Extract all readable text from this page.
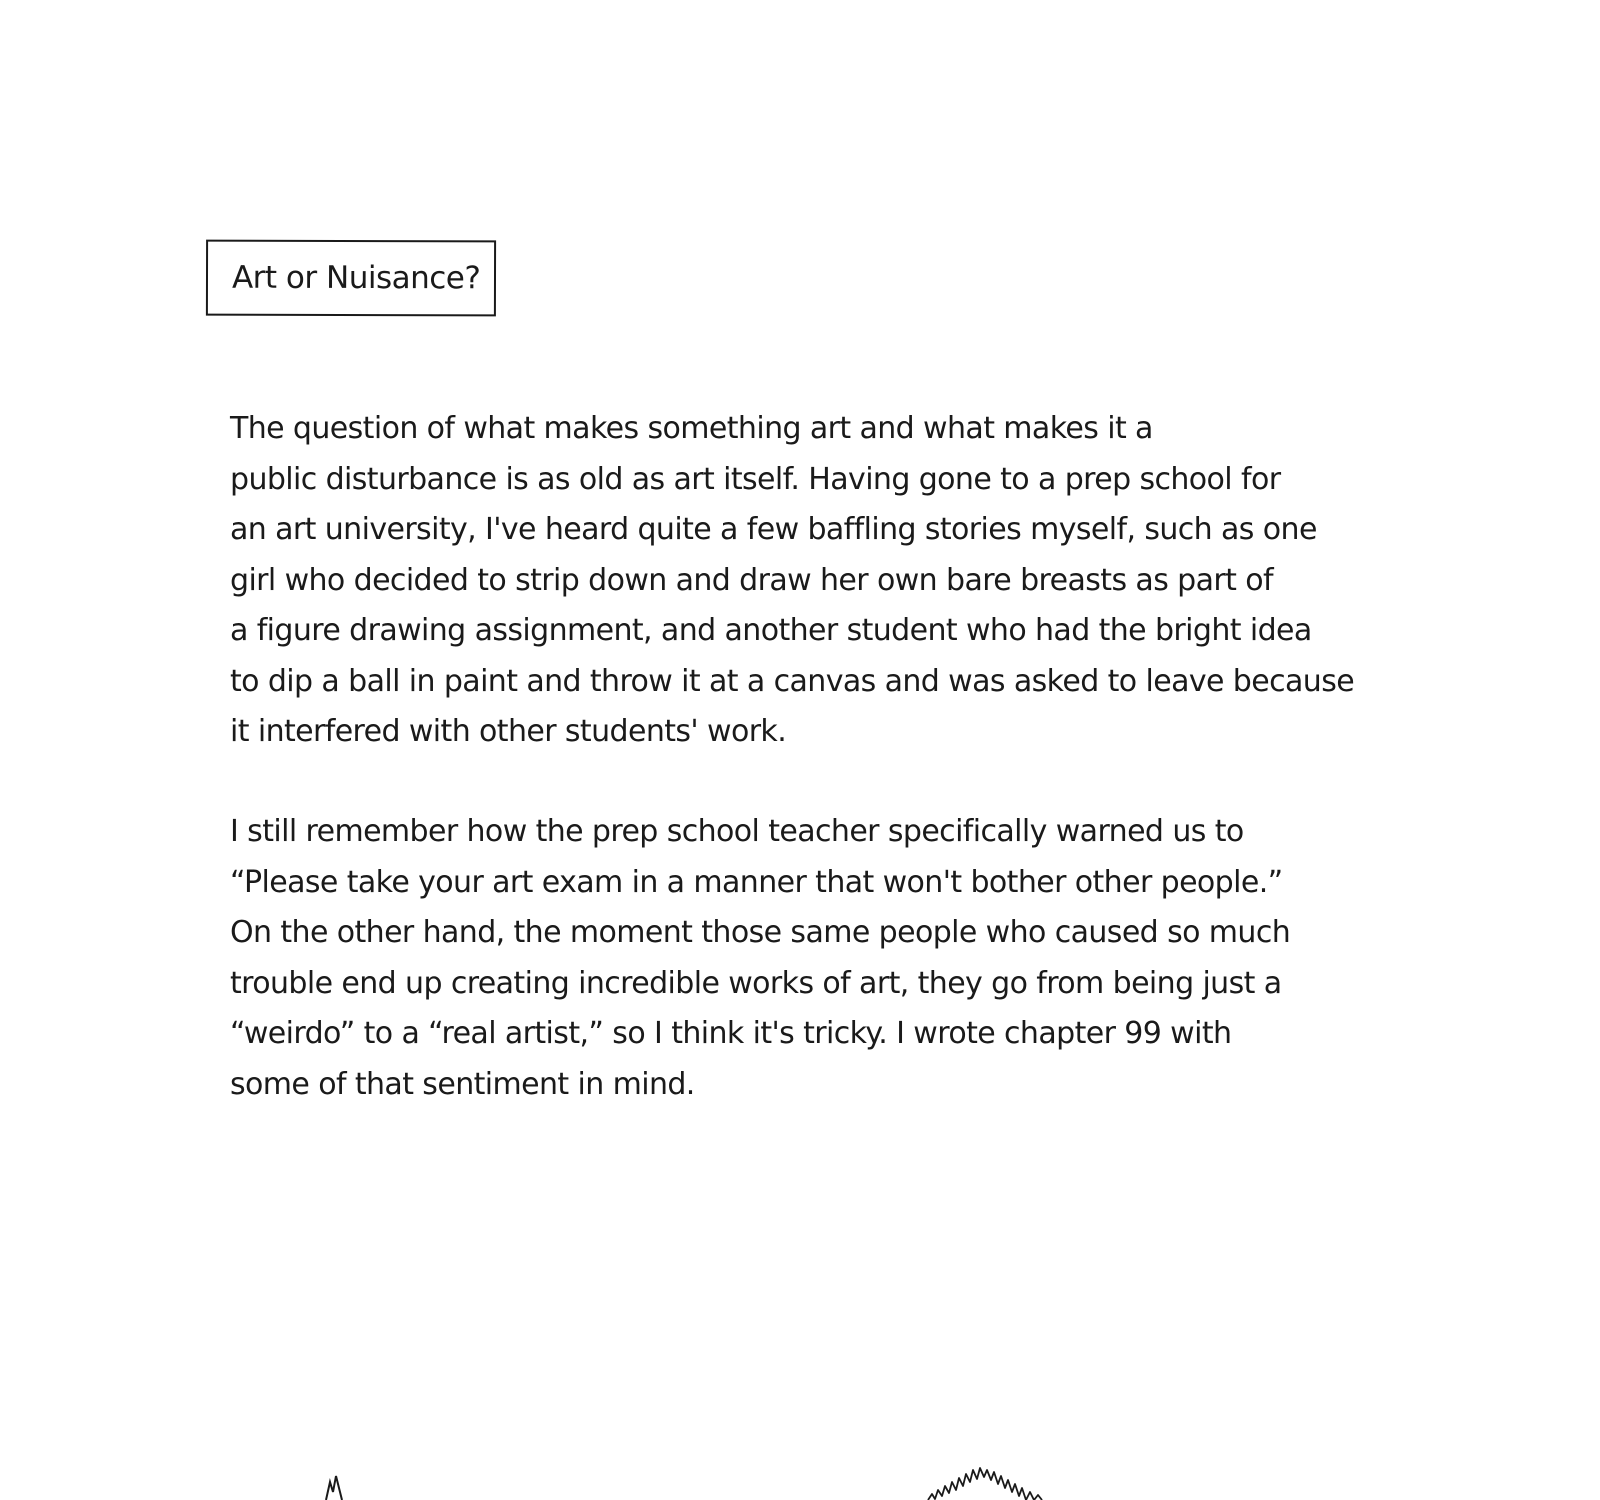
Art or Nuisance?

The question of what makes something art and what makes it a
public disturbance is as old as art itself. Having gone to a prep school for
an art university, I've heard quite a few baffling stories myself, such as one
girl who decided to strip down and draw her own bare breasts as part of
a figure drawing assignment, and another student who had the bright idea
to dip a ball in paint and throw it at a canvas and was asked to leave because
it interfered with other students' work.

I still remember how the prep school teacher specifically warned us to
“Please take your art exam in a manner that won't bother other people.”
On the other hand, the moment those same people who caused so much
trouble end up creating incredible works of art, they go from being just a
“weirdo” to a “real artist,” so I think it's tricky. I wrote chapter 99 with
some of that sentiment in mind.
